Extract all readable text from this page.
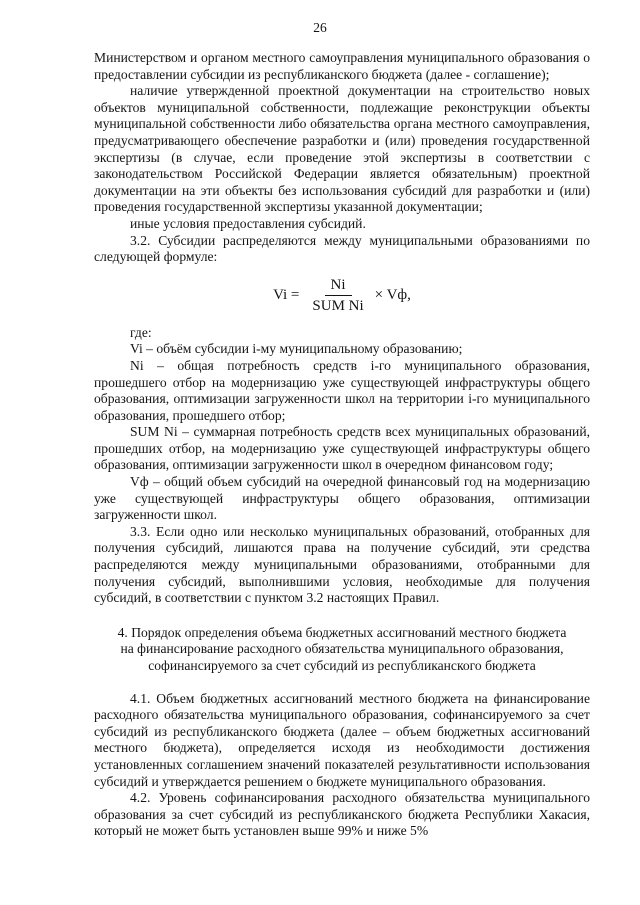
26

Министерством и органом местного самоуправления муниципального образования о предоставлении субсидии из республиканского бюджета (далее - соглашение);

наличие утвержденной проектной документации на строительство новых объектов муниципальной собственности, подлежащие реконструкции объекты муниципальной собственности либо обязательства органа местного самоуправления, предусматривающего обеспечение разработки и (или) проведения государственной экспертизы (в случае, если проведение этой экспертизы в соответствии с законодательством Российской Федерации является обязательным) проектной документации на эти объекты без использования субсидий для разработки и (или) проведения государственной экспертизы указанной документации;

иные условия предоставления субсидий.

3.2. Субсидии распределяются между муниципальными образованиями по следующей формуле:

$Vi = \frac{Ni}{\text{SUM Ni}}$ × Vф,

где:

Vi – объём субсидии i-му муниципальному образованию;

Ni – общая потребность средств i-го муниципального образования, прошедшего отбор на модернизацию уже существующей инфраструктуры общего образования, оптимизации загруженности школ на территории i-го муниципального образования, прошедшего отбор;

SUM Ni – суммарная потребность средств всех муниципальных образований, прошедших отбор, на модернизацию уже существующей инфраструктуры общего образования, оптимизации загруженности школ в очередном финансовом году;

Vф – общий объем субсидий на очередной финансовый год на модернизацию уже существующей инфраструктуры общего образования, оптимизации загруженности школ.

3.3. Если одно или несколько муниципальных образований, отобранных для получения субсидий, лишаются права на получение субсидий, эти средства распределяются между муниципальными образованиями, отобранными для получения субсидий, выполнившими условия, необходимые для получения субсидий, в соответствии с пунктом 3.2 настоящих Правил.

4. Порядок определения объема бюджетных ассигнований местного бюджета
на финансирование расходного обязательства муниципального образования,
софинансируемого за счет субсидий из республиканского бюджета

4.1. Объем бюджетных ассигнований местного бюджета на финансирование расходного обязательства муниципального образования, софинансируемого за счет субсидий из республиканского бюджета (далее – объем бюджетных ассигнований местного бюджета), определяется исходя из необходимости достижения установленных соглашением значений показателей результативности использования субсидий и утверждается решением о бюджете муниципального образования.

4.2. Уровень софинансирования расходного обязательства муниципального образования за счет субсидий из республиканского бюджета Республики Хакасия, который не может быть установлен выше 99% и ниже 5%
